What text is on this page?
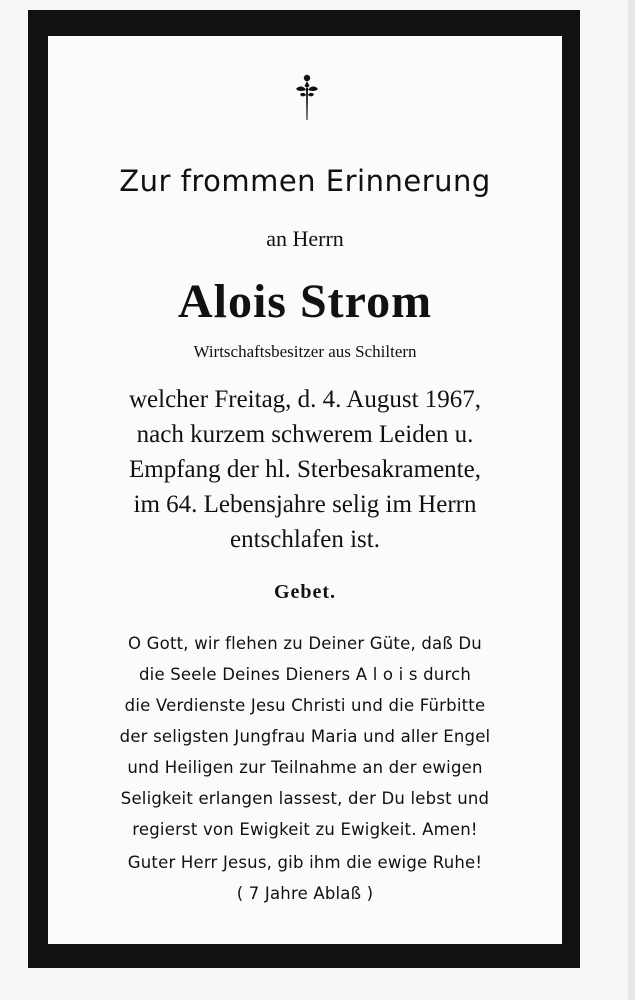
Zur frommen Erinnerung
an Herrn
Alois Strom
Wirtschaftsbesitzer aus Schiltern
welcher Freitag, d. 4. August 1967,
nach kurzem schwerem Leiden u.
Empfang der hl. Sterbesakramente,
im 64. Lebensjahre selig im Herrn
entschlafen ist.
Gebet.
O Gott, wir flehen zu Deiner Güte, daß Du
die Seele Deines Dieners A l o i s durch
die Verdienste Jesu Christi und die Fürbitte
der seligsten Jungfrau Maria und aller Engel
und Heiligen zur Teilnahme an der ewigen
Seligkeit erlangen lassest, der Du lebst und
regierst von Ewigkeit zu Ewigkeit. Amen!
Guter Herr Jesus, gib ihm die ewige Ruhe!
( 7 Jahre Ablaß )
